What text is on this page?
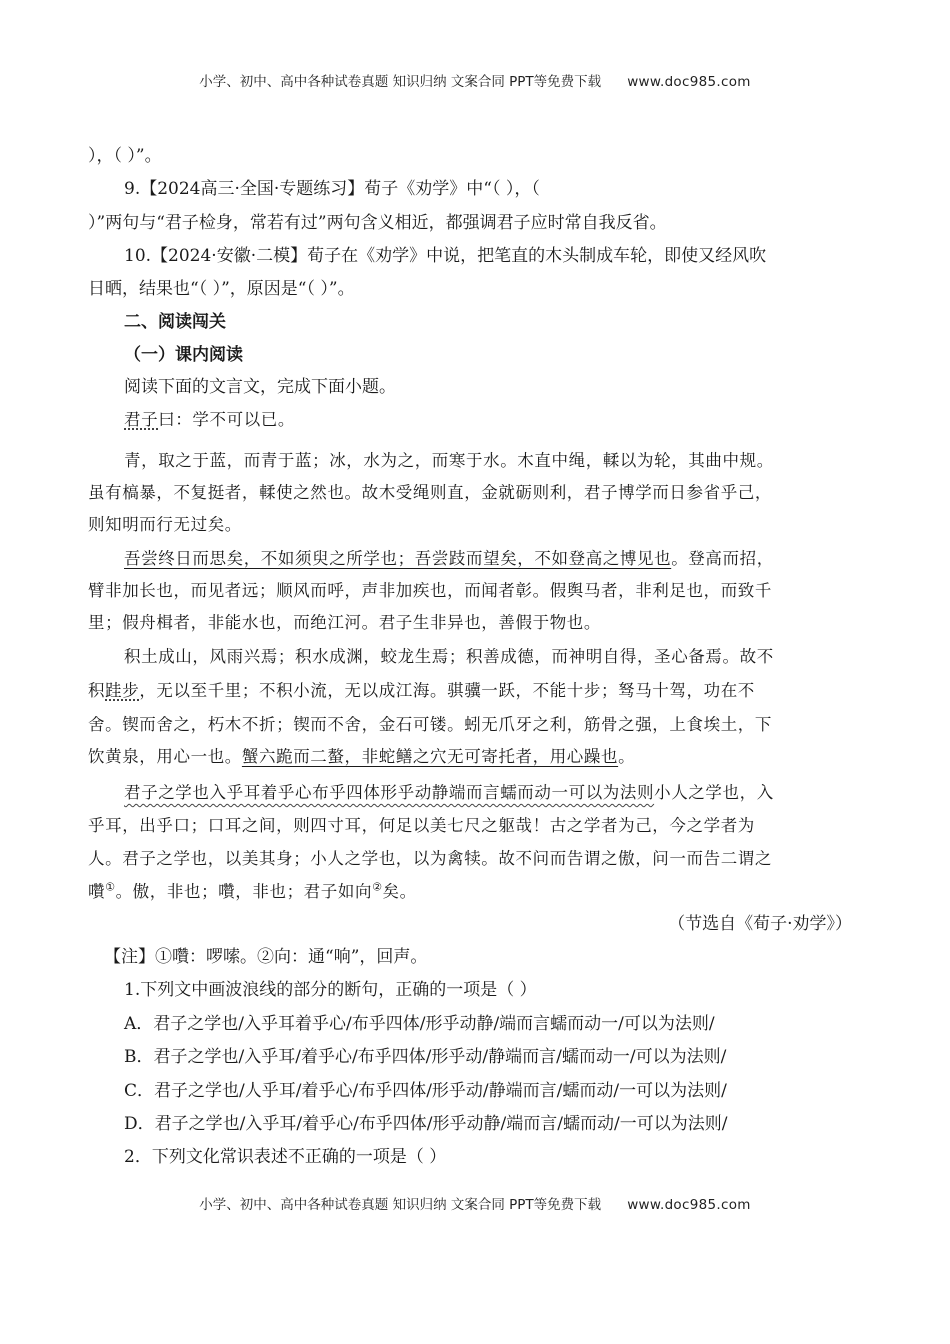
小学、初中、高中各种试卷真题 知识归纳 文案合同 PPT等免费下载 www.doc985.com
），（ ）”。
9.【2024高三·全国·专题练习】荀子《劝学》中“（ ），（
）”两句与“君子检身，常若有过”两句含义相近，都强调君子应时常自我反省。
10.【2024·安徽·二模】荀子在《劝学》中说，把笔直的木头制成车轮，即使又经风吹
日晒，结果也“（ ）”，原因是“（ ）”。
二、阅读闯关
（一）课内阅读
阅读下面的文言文，完成下面小题。
君子曰：学不可以已。
青，取之于蓝，而青于蓝；冰，水为之，而寒于水。木直中绳，輮以为轮，其曲中规。
虽有槁暴，不复挺者，輮使之然也。故木受绳则直，金就砺则利，君子博学而日参省乎己，
则知明而行无过矣。
吾尝终日而思矣，不如须臾之所学也；吾尝跂而望矣，不如登高之博见也。登高而招，
臂非加长也，而见者远；顺风而呼，声非加疾也，而闻者彰。假舆马者，非利足也，而致千
里；假舟楫者，非能水也，而绝江河。君子生非异也，善假于物也。
积土成山，风雨兴焉；积水成渊，蛟龙生焉；积善成德，而神明自得，圣心备焉。故不
积跬步，无以至千里；不积小流，无以成江海。骐骥一跃，不能十步；驽马十驾，功在不
舍。锲而舍之，朽木不折；锲而不舍，金石可镂。蚓无爪牙之利，筋骨之强，上食埃土，下
饮黄泉，用心一也。蟹六跪而二螯，非蛇鳝之穴无可寄托者，用心躁也。
君子之学也入乎耳着乎心布乎四体形乎动静端而言蠕而动一可以为法则小人之学也，入
乎耳，出乎口；口耳之间，则四寸耳，何足以美七尺之躯哉！古之学者为己，今之学者为
人。君子之学也，以美其身；小人之学也，以为禽犊。故不问而告谓之傲，问一而告二谓之
囋①。傲，非也；囋，非也；君子如向②矣。
（节选自《荀子·劝学》）
【注】①囋：啰嗦。②向：通“响”，回声。
1.下列文中画波浪线的部分的断句，正确的一项是（ ）
A．君子之学也/入乎耳着乎心/布乎四体/形乎动静/端而言蠕而动一/可以为法则/
B．君子之学也/入乎耳/着乎心/布乎四体/形乎动/静端而言/蠕而动一/可以为法则/
C．君子之学也/人乎耳/着乎心/布乎四体/形乎动/静端而言/蠕而动/一可以为法则/
D．君子之学也/入乎耳/着乎心/布乎四体/形乎动静/端而言/蠕而动/一可以为法则/
2．下列文化常识表述不正确的一项是（ ）
小学、初中、高中各种试卷真题 知识归纳 文案合同 PPT等免费下载 www.doc985.com
